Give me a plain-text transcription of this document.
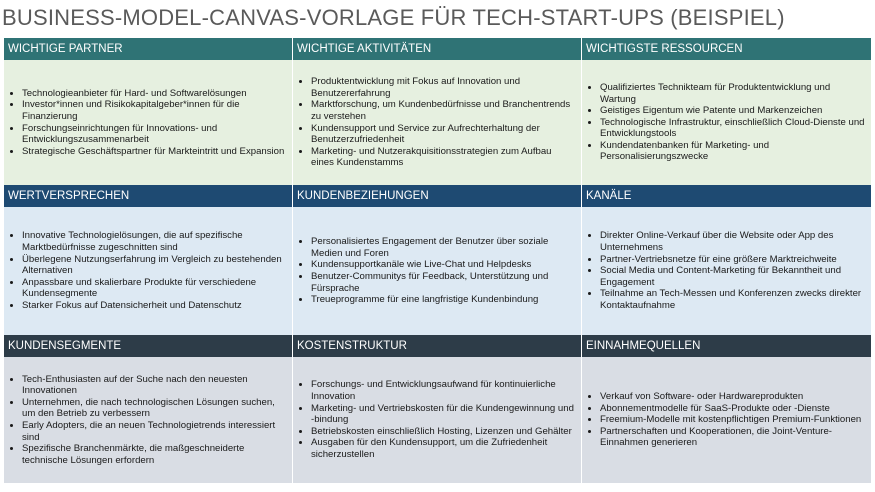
BUSINESS-MODEL-CANVAS-VORLAGE FÜR TECH-START-UPS (BEISPIEL)
WICHTIGE PARTNER
• Technologieanbieter für Hard- und Softwarelösungen
• Investor*innen und Risikokapitalgeber*innen für die Finanzierung
• Forschungseinrichtungen für Innovations- und Entwicklungszusammenarbeit
• Strategische Geschäftspartner für Markteintritt und Expansion
WICHTIGE AKTIVITÄTEN
• Produktentwicklung mit Fokus auf Innovation und Benutzererfahrung
• Marktforschung, um Kundenbedürfnisse und Branchentrends zu verstehen
• Kundensupport und Service zur Aufrechterhaltung der Benutzerzufriedenheit
• Marketing- und Nutzerakquisitionsstrategien zum Aufbau eines Kundenstamms
WICHTIGSTE RESSOURCEN
• Qualifiziertes Technikteam für Produktentwicklung und Wartung
• Geistiges Eigentum wie Patente und Markenzeichen
• Technologische Infrastruktur, einschließlich Cloud-Dienste und Entwicklungstools
• Kundendatenbanken für Marketing- und Personalisierungszwecke
WERTVERSPRECHEN
• Innovative Technologielösungen, die auf spezifische Marktbedürfnisse zugeschnitten sind
• Überlegene Nutzungserfahrung im Vergleich zu bestehenden Alternativen
• Anpassbare und skalierbare Produkte für verschiedene Kundensegmente
• Starker Fokus auf Datensicherheit und Datenschutz
KUNDENBEZIEHUNGEN
• Personalisiertes Engagement der Benutzer über soziale Medien und Foren
• Kundensupportkanäle wie Live-Chat und Helpdesks
• Benutzer-Communitys für Feedback, Unterstützung und Fürsprache
• Treueprogramme für eine langfristige Kundenbindung
KANÄLE
• Direkter Online-Verkauf über die Website oder App des Unternehmens
• Partner-Vertriebsnetze für eine größere Marktreichweite
• Social Media und Content-Marketing für Bekanntheit und Engagement
• Teilnahme an Tech-Messen und Konferenzen zwecks direkter Kontaktaufnahme
KUNDENSEGMENTE
• Tech-Enthusiasten auf der Suche nach den neuesten Innovationen
• Unternehmen, die nach technologischen Lösungen suchen, um den Betrieb zu verbessern
• Early Adopters, die an neuen Technologietrends interessiert sind
• Spezifische Branchenmärkte, die maßgeschneiderte technische Lösungen erfordern
KOSTENSTRUKTUR
• Forschungs- und Entwicklungsaufwand für kontinuierliche Innovation
• Marketing- und Vertriebskosten für die Kundengewinnung und -bindung
• Betriebskosten einschließlich Hosting, Lizenzen und Gehälter
• Ausgaben für den Kundensupport, um die Zufriedenheit sicherzustellen
EINNAHMEQUELLEN
• Verkauf von Software- oder Hardwareprodukten
• Abonnementmodelle für SaaS-Produkte oder -Dienste
• Freemium-Modelle mit kostenpflichtigen Premium-Funktionen
• Partnerschaften und Kooperationen, die Joint-Venture-Einnahmen generieren
